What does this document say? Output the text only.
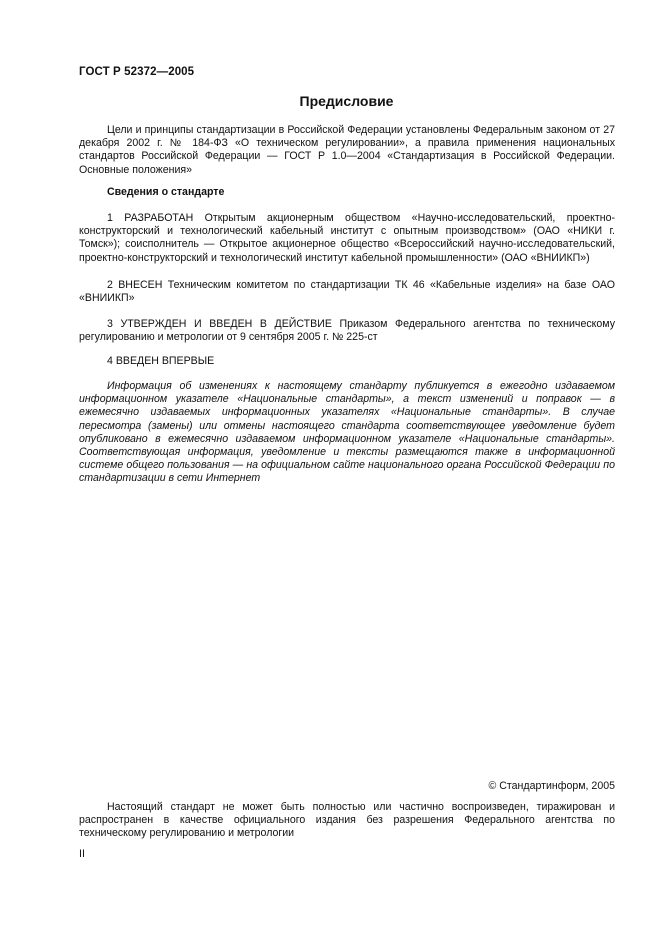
ГОСТ Р 52372—2005
Предисловие
Цели и принципы стандартизации в Российской Федерации установлены Федеральным законом от 27 декабря 2002 г. № 184-ФЗ «О техническом регулировании», а правила применения национальных стандартов Российской Федерации — ГОСТ Р 1.0—2004 «Стандартизация в Российской Федерации. Основные положения»
Сведения о стандарте
1 РАЗРАБОТАН Открытым акционерным обществом «Научно-исследовательский, проектно-конструкторский и технологический кабельный институт с опытным производством» (ОАО «НИКИ г. Томск»); соисполнитель — Открытое акционерное общество «Всероссийский научно-исследовательский, проектно-конструкторский и технологический институт кабельной промышленности» (ОАО «ВНИИКП»)
2 ВНЕСЕН Техническим комитетом по стандартизации ТК 46 «Кабельные изделия» на базе ОАО «ВНИИКП»
3 УТВЕРЖДЕН И ВВЕДЕН В ДЕЙСТВИЕ Приказом Федерального агентства по техническому регулированию и метрологии от 9 сентября 2005 г. № 225-ст
4 ВВЕДЕН ВПЕРВЫЕ
Информация об изменениях к настоящему стандарту публикуется в ежегодно издаваемом информационном указателе «Национальные стандарты», а текст изменений и поправок — в ежемесячно издаваемых информационных указателях «Национальные стандарты». В случае пересмотра (замены) или отмены настоящего стандарта соответствующее уведомление будет опубликовано в ежемесячно издаваемом информационном указателе «Национальные стандарты». Соответствующая информация, уведомление и тексты размещаются также в информационной системе общего пользования — на официальном сайте национального органа Российской Федерации по стандартизации в сети Интернет
© Стандартинформ, 2005
Настоящий стандарт не может быть полностью или частично воспроизведен, тиражирован и распространен в качестве официального издания без разрешения Федерального агентства по техническому регулированию и метрологии
II
